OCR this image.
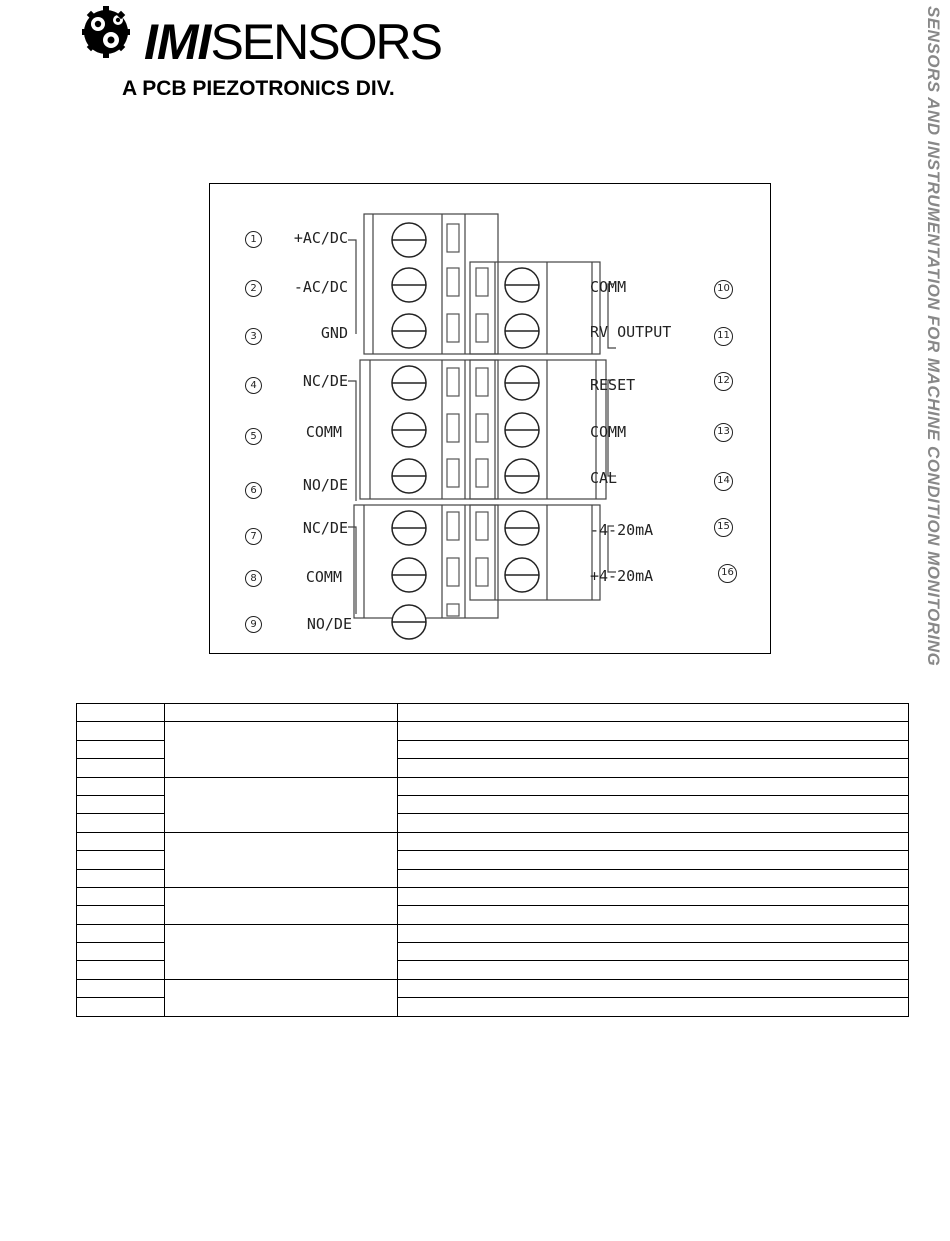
IMISENSORS
A PCB PIEZOTRONICS DIV.	SENSORS AND INSTRUMENTATION FOR MACHINE CONDITION MONITORING
1	+AC/DC
2	-AC/DC
3	GND
4	NC/DE
5	COMM
6	NO/DE
7	NC/DE
8	COMM
9	NO/DE
COMM	10
RV OUTPUT	11
RESET	12
COMM	13
CAL	14
-4-20mA	15
+4-20mA	16
